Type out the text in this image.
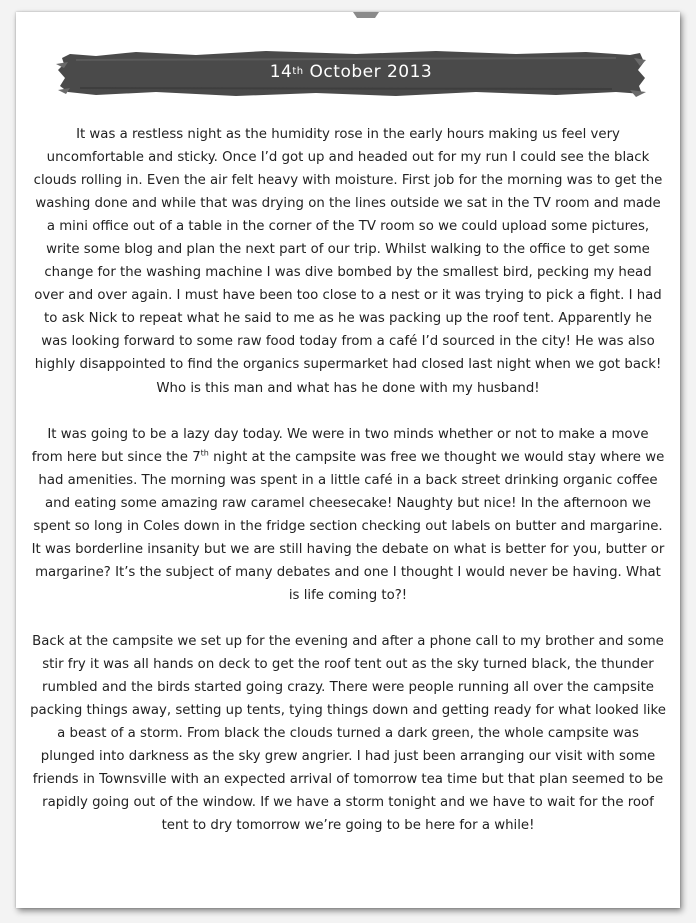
14 th
October 2013

It was a restless night as the humidity rose in the early hours making us feel very uncomfortable and sticky. Once I’d got up and headed out for my run I could see the black clouds rolling in. Even the air felt heavy with moisture. First job for the morning was to get the washing done and while that was drying on the lines outside we sat in the TV room and made a mini office out of a table in the corner of the TV room so we could upload some pictures, write some blog and plan the next part of our trip. Whilst walking to the office to get some change for the washing machine I was dive bombed by the smallest bird, pecking my head over and over again. I must have been too close to a nest or it was trying to pick a fight. I had to ask Nick to repeat what he said to me as he was packing up the roof tent. Apparently he was looking forward to some raw food today from a café I’d sourced in the city! He was also highly disappointed to find the organics supermarket had closed last night when we got back! Who is this man and what has he done with my husband!

It was going to be a lazy day today. We were in two minds whether or not to make a move from here but since the 7th night at the campsite was free we thought we would stay where we had amenities. The morning was spent in a little café in a back street drinking organic coffee and eating some amazing raw caramel cheesecake! Naughty but nice! In the afternoon we spent so long in Coles down in the fridge section checking out labels on butter and margarine. It was borderline insanity but we are still having the debate on what is better for you, butter or margarine? It’s the subject of many debates and one I thought I would never be having. What is life coming to?!

Back at the campsite we set up for the evening and after a phone call to my brother and some stir fry it was all hands on deck to get the roof tent out as the sky turned black, the thunder rumbled and the birds started going crazy. There were people running all over the campsite packing things away, setting up tents, tying things down and getting ready for what looked like a beast of a storm. From black the clouds turned a dark green, the whole campsite was plunged into darkness as the sky grew angrier. I had just been arranging our visit with some friends in Townsville with an expected arrival of tomorrow tea time but that plan seemed to be rapidly going out of the window. If we have a storm tonight and we have to wait for the roof tent to dry tomorrow we’re going to be here for a while!
